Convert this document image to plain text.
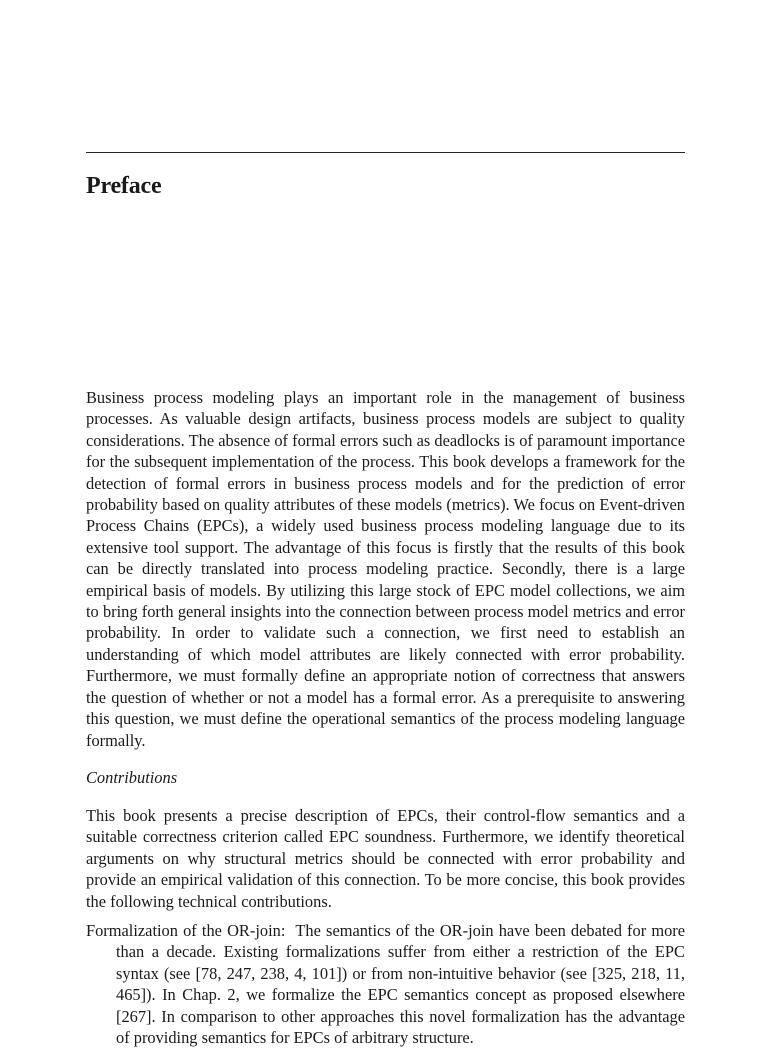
Preface

Business process modeling plays an important role in the management of business processes. As valuable design artifacts, business process models are subject to quality considerations. The absence of formal errors such as deadlocks is of paramount importance for the subsequent implementation of the process. This book develops a framework for the detection of formal errors in business process models and for the prediction of error probability based on quality attributes of these models (metrics). We focus on Event-driven Process Chains (EPCs), a widely used business process modeling language due to its extensive tool support. The advantage of this focus is firstly that the results of this book can be directly translated into process modeling practice. Secondly, there is a large empirical basis of models. By utilizing this large stock of EPC model collections, we aim to bring forth general insights into the connection between process model metrics and error probability. In order to validate such a connection, we first need to establish an understanding of which model attributes are likely connected with error probability. Furthermore, we must formally define an appropriate notion of correctness that answers the question of whether or not a model has a formal error. As a prerequisite to answering this question, we must define the operational semantics of the process modeling language formally.

Contributions

This book presents a precise description of EPCs, their control-flow semantics and a suitable correctness criterion called EPC soundness. Furthermore, we identify theoretical arguments on why structural metrics should be connected with error probability and provide an empirical validation of this connection. To be more concise, this book provides the following technical contributions.

Formalization of the OR-join: The semantics of the OR-join have been debated for more than a decade. Existing formalizations suffer from either a restriction of the EPC syntax (see [78, 247, 238, 4, 101]) or from non-intuitive behavior (see [325, 218, 11, 465]). In Chap. 2, we formalize the EPC semantics concept as proposed elsewhere [267]. In comparison to other approaches this novel formalization has the advantage of providing semantics for EPCs of arbitrary structure.
